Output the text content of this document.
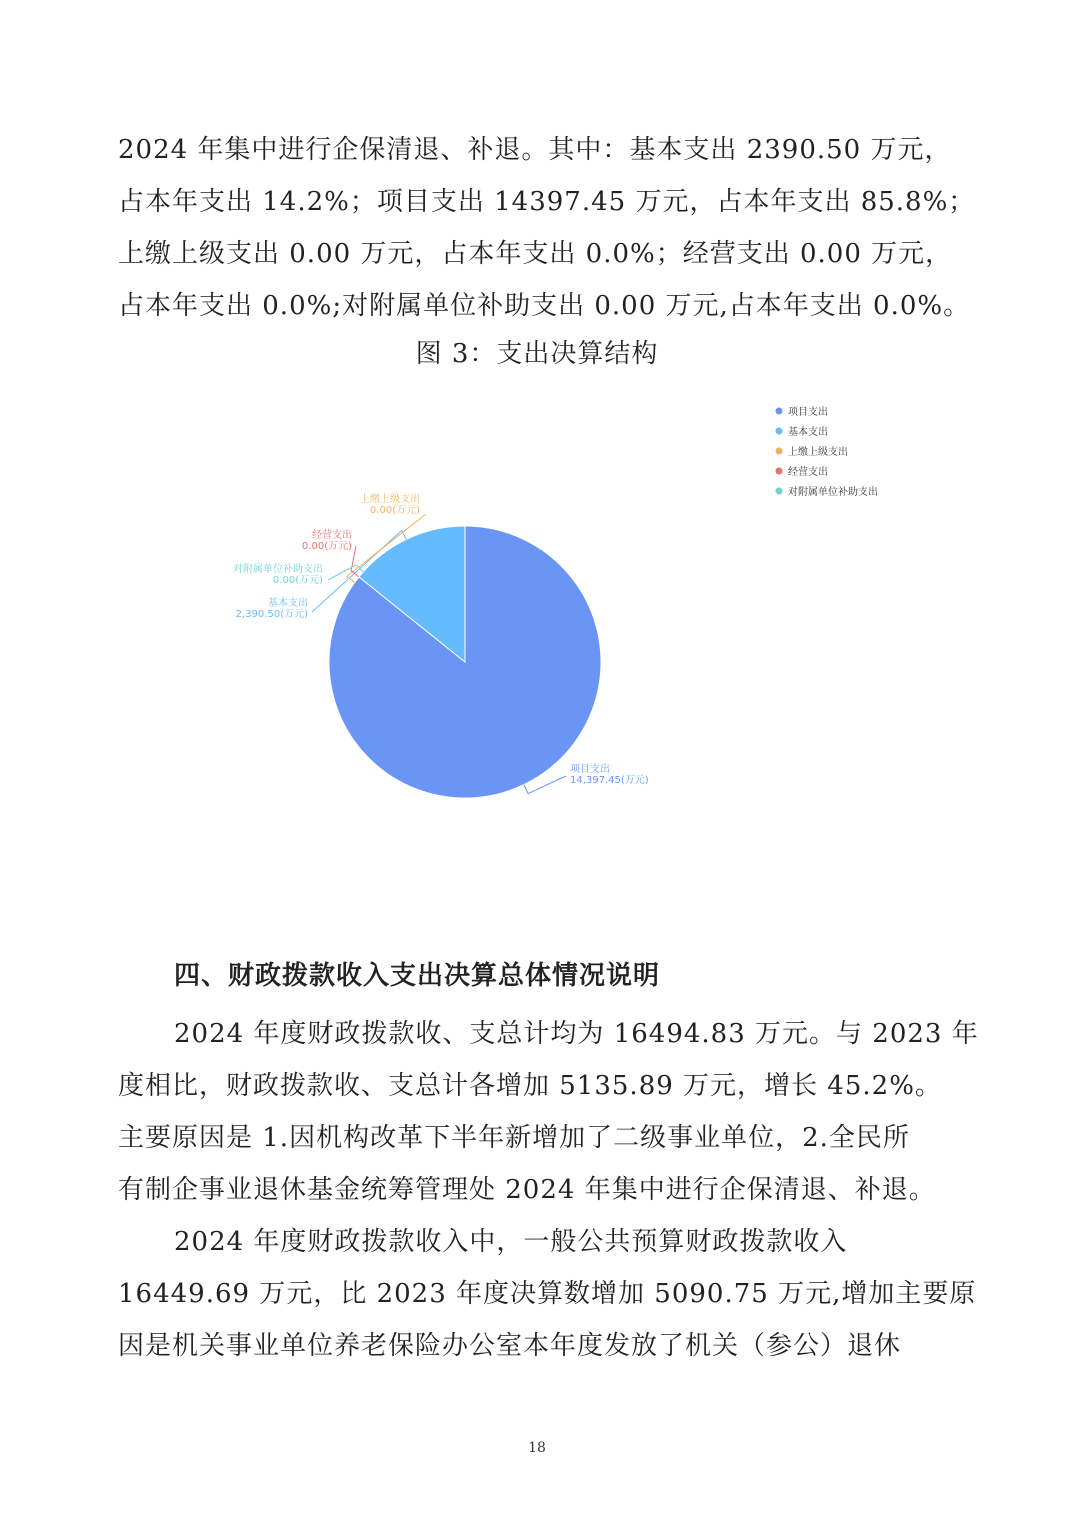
2024 年集中进行企保清退、补退。其中：基本支出 2390.50 万元，
占本年支出 14.2%；项目支出 14397.45 万元，占本年支出 85.8%；
上缴上级支出 0.00 万元，占本年支出 0.0%；经营支出 0.00 万元，
占本年支出 0.0%;对附属单位补助支出 0.00 万元,占本年支出 0.0%。
图 3：支出决算结构
项目支出
14,397.45(万元)
基本支出
2,390.50(万元)
上缴上级支出
0.00(万元)
经营支出
0.00(万元)
对附属单位补助支出
0.00(万元)
项目支出
基本支出
上缴上级支出
经营支出
对附属单位补助支出
四、财政拨款收入支出决算总体情况说明
2024 年度财政拨款收、支总计均为 16494.83 万元。与 2023 年
度相比，财政拨款收、支总计各增加 5135.89 万元，增长 45.2%。
主要原因是 1.因机构改革下半年新增加了二级事业单位，2.全民所
有制企事业退休基金统筹管理处 2024 年集中进行企保清退、补退。
2024 年度财政拨款收入中，一般公共预算财政拨款收入
16449.69 万元，比 2023 年度决算数增加 5090.75 万元,增加主要原
因是机关事业单位养老保险办公室本年度发放了机关（参公）退休
18
